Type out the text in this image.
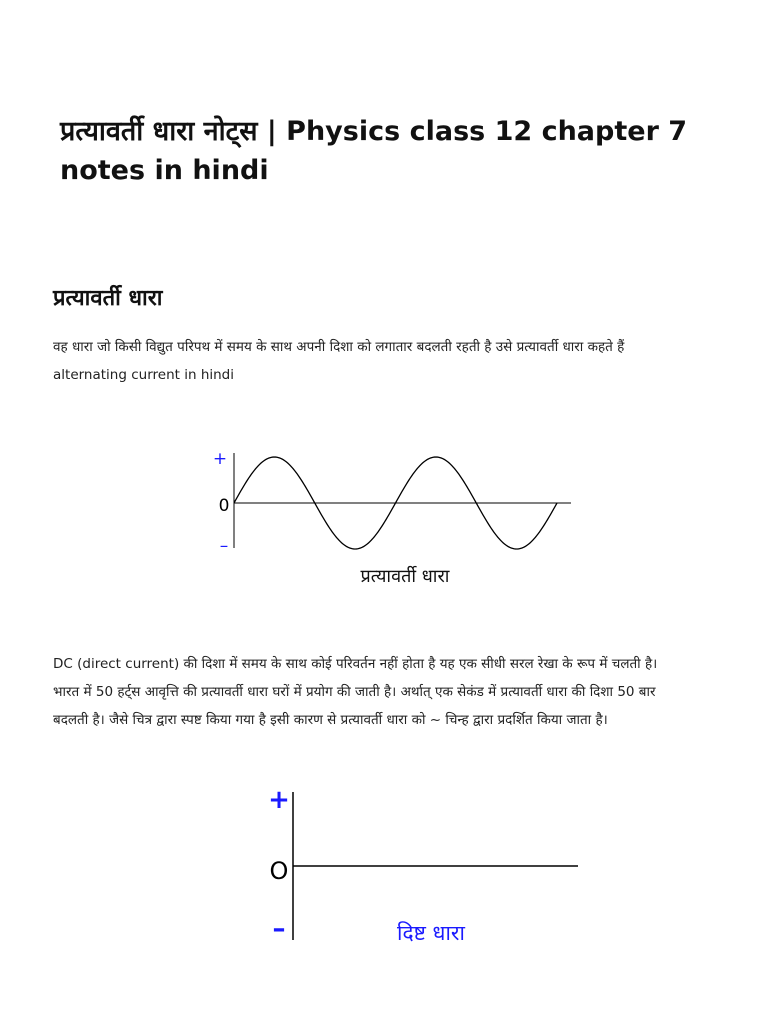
प्रत्यावर्ती धारा नोट्स | Physics class 12 chapter 7 notes in hindi
प्रत्यावर्ती धारा

वह धारा जो किसी विद्युत परिपथ में समय के साथ अपनी दिशा को लगातार बदलती रहती है उसे प्रत्यावर्ती धारा कहते हैं
alternating current in hindi

+
0
–
प्रत्यावर्ती धारा

DC (direct current) की दिशा में समय के साथ कोई परिवर्तन नहीं होता है यह एक सीधी सरल रेखा के रूप में चलती है।
भारत में 50 हर्ट्स आवृत्ति की प्रत्यावर्ती धारा घरों में प्रयोग की जाती है। अर्थात् एक सेकंड में प्रत्यावर्ती धारा की दिशा 50 बार
बदलती है। जैसे चित्र द्वारा स्पष्ट किया गया है इसी कारण से प्रत्यावर्ती धारा को ~ चिन्ह द्वारा प्रदर्शित किया जाता है।

+
O
–	दिष्ट धारा
